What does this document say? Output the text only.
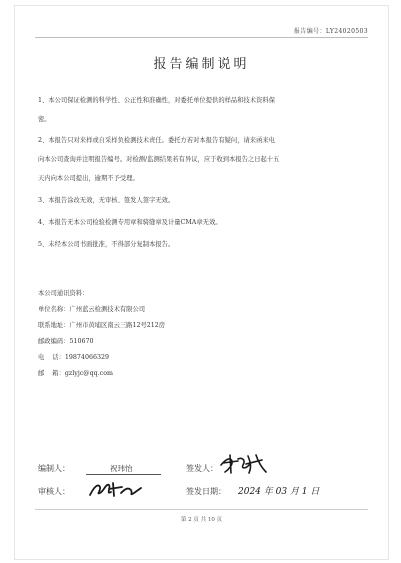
报告编号：LY24020503
报告编制说明
1、本公司保证检测的科学性、公正性和准确性，对委托单位提供的样品和技术资料保
密。
2、本报告只对来样或自采样负检测技术责任。委托方若对本报告有疑问，请来函来电
向本公司查询并注明报告编号。对检测/监测结果若有异议，应于收到本报告之日起十五
天内向本公司提出，逾期不予受理。
3、本报告涂改无效，无审核、签发人签字无效。
4、本报告无本公司检验检测专用章和骑缝章及计量CMA章无效。
5、未经本公司书面批准，不得部分复制本报告。
本公司通讯资料：
单位名称：广州蓝云检测技术有限公司
联系地址：广州市黄埔区南云三路12号212房
邮政编码：510670
电    话：19874066329
邮    箱：gzlyjc@qq.com
编制人：	祝玮怡	签发人：
审核人：	签发日期： 2024 年 03 月 1 日
第 2 页 共 10 页
